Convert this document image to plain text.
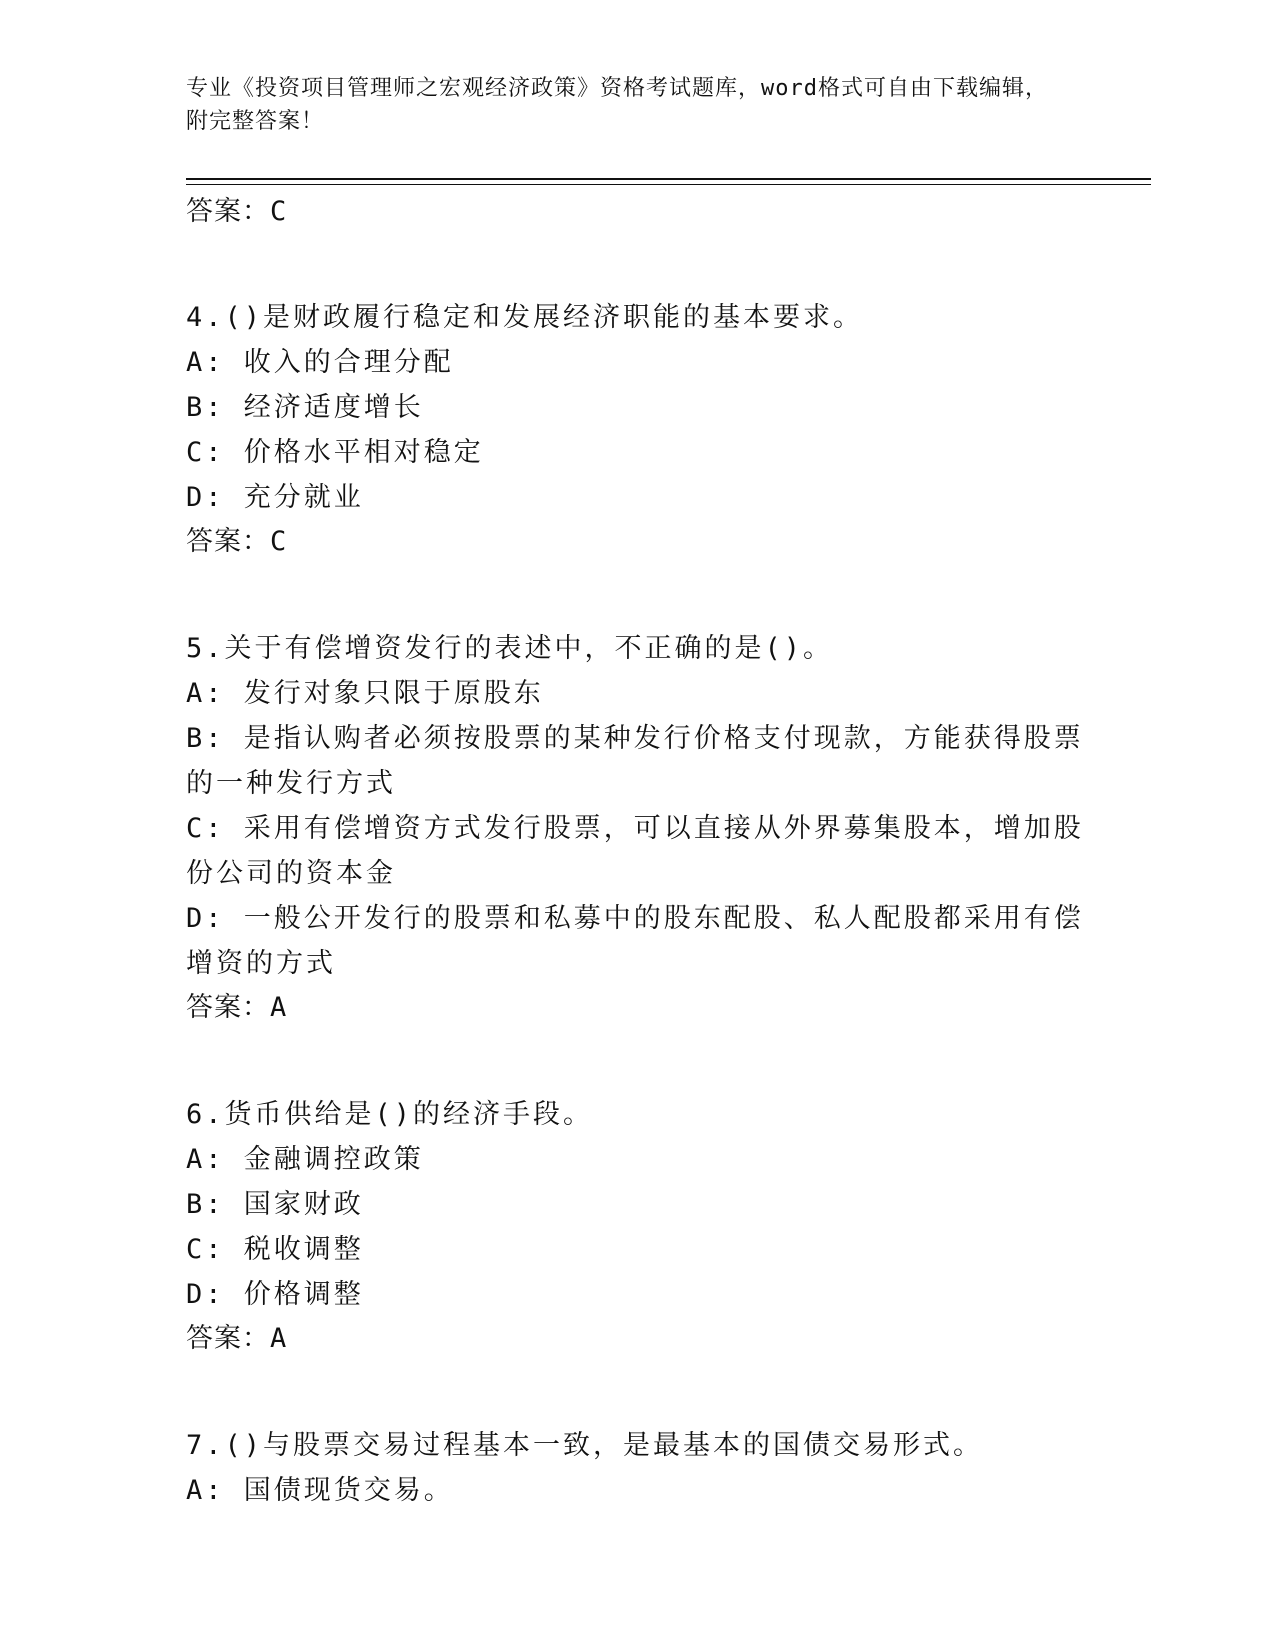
专业《投资项目管理师之宏观经济政策》资格考试题库，word格式可自由下载编辑，附完整答案！
答案：C
4.()是财政履行稳定和发展经济职能的基本要求。
A: 收入的合理分配
B: 经济适度增长
C: 价格水平相对稳定
D: 充分就业
答案：C
5.关于有偿增资发行的表述中，不正确的是()。
A: 发行对象只限于原股东
B: 是指认购者必须按股票的某种发行价格支付现款，方能获得股票的一种发行方式
C: 采用有偿增资方式发行股票，可以直接从外界募集股本，增加股份公司的资本金
D: 一般公开发行的股票和私募中的股东配股、私人配股都采用有偿增资的方式
答案：A
6.货币供给是()的经济手段。
A: 金融调控政策
B: 国家财政
C: 税收调整
D: 价格调整
答案：A
7.()与股票交易过程基本一致，是最基本的国债交易形式。
A: 国债现货交易。
